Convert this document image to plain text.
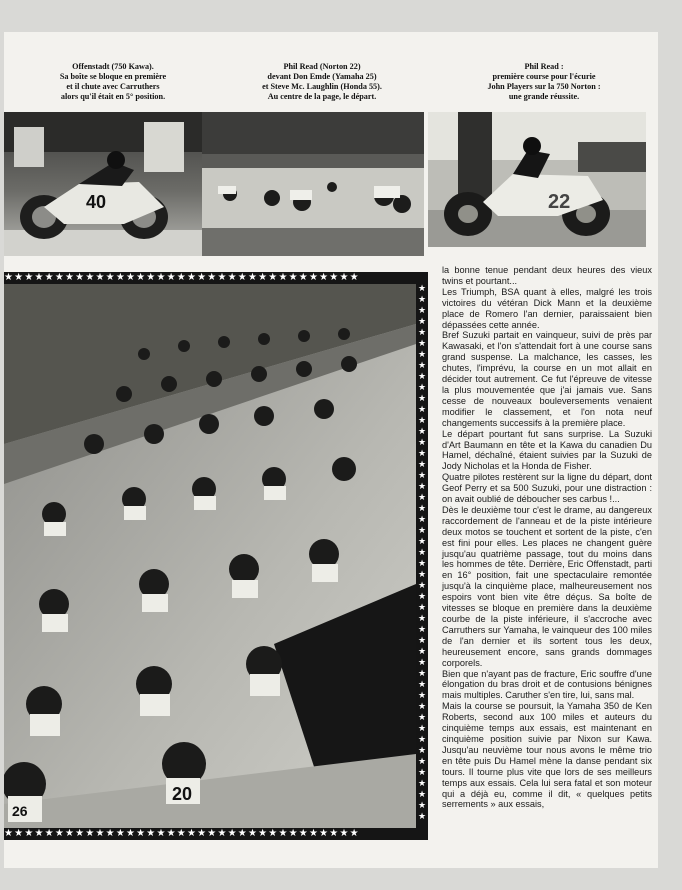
Offenstadt (750 Kawa).
Sa boîte se bloque en première
et il chute avec Carruthers
alors qu'il était en 5° position.
Phil Read (Norton 22)
devant Don Emde (Yamaha 25)
et Steve Mc. Laughlin (Honda 55).
Au centre de la page, le départ.
Phil Read :
première course pour l'écurie
John Players sur la 750 Norton :
une grande réussite.
40	22
★★★★★★★★★★★★★★★★★★★★★★★★★★★★★★★★★★★
★★★★★★★★★★★★★★★★★★★★★★★★★★★★★★★★★★★
★
★
★
★
★
★
★
★
★
★
★
★
★
★
★
★
★
★
★
★
★
★
★
★
★
★
★
★
★
★
★
★
★
★
★
★
★
★
★
★
★
★
★
★
★
★
★
★
★
20
26

la bonne tenue pendant deux heures des vieux twins et pourtant...

Les Triumph, BSA quant à elles, malgré les trois victoires du vétéran Dick Mann et la deuxième place de Romero l'an dernier, paraissaient bien dépassées cette année.

Bref Suzuki partait en vainqueur, suivi de près par Kawasaki, et l'on s'attendait fort à une course sans grand suspense. La malchance, les casses, les chutes, l'imprévu, la course en un mot allait en décider tout autrement. Ce fut l'épreuve de vitesse la plus mouvementée que j'ai jamais vue. Sans cesse de nouveaux bouleversements venaient modifier le classement, et l'on nota neuf changements successifs à la première place.

Le départ pourtant fut sans surprise. La Suzuki d'Art Baumann en tête et la Kawa du canadien Du Hamel, déchaîné, étaient suivies par la Suzuki de Jody Nicholas et la Honda de Fisher.

Quatre pilotes restèrent sur la ligne du départ, dont Geof Perry et sa 500 Suzuki, pour une distraction : on avait oublié de déboucher ses carbus !...

Dès le deuxième tour c'est le drame, au dangereux raccordement de l'anneau et de la piste intérieure deux motos se touchent et sortent de la piste, c'en est fini pour elles. Les places ne changent guère jusqu'au quatrième passage, tout du moins dans les hommes de tête. Derrière, Eric Offenstadt, parti en 16° position, fait une spectaculaire remontée jusqu'à la cinquième place, malheureusement nos espoirs vont bien vite être déçus. Sa boîte de vitesses se bloque en première dans la deuxième courbe de la piste inférieure, il s'accroche avec Carruthers sur Yamaha, le vainqueur des 100 miles de l'an dernier et ils sortent tous les deux, heureusement encore, sans grands dommages corporels.

Bien que n'ayant pas de fracture, Eric souffre d'une élongation du bras droit et de contusions bénignes mais multiples. Caruther s'en tire, lui, sans mal.

Mais la course se poursuit, la Yamaha 350 de Ken Roberts, second aux 100 miles et auteurs du cinquième temps aux essais, est maintenant en cinquième position suivie par Nixon sur Kawa. Jusqu'au neuvième tour nous avons le même trio en tête puis Du Hamel mène la danse pendant six tours. Il tourne plus vite que lors de ses meilleurs temps aux essais. Cela lui sera fatal et son moteur qui a déjà eu, comme il dit, « quelques petits serrements » aux essais,
